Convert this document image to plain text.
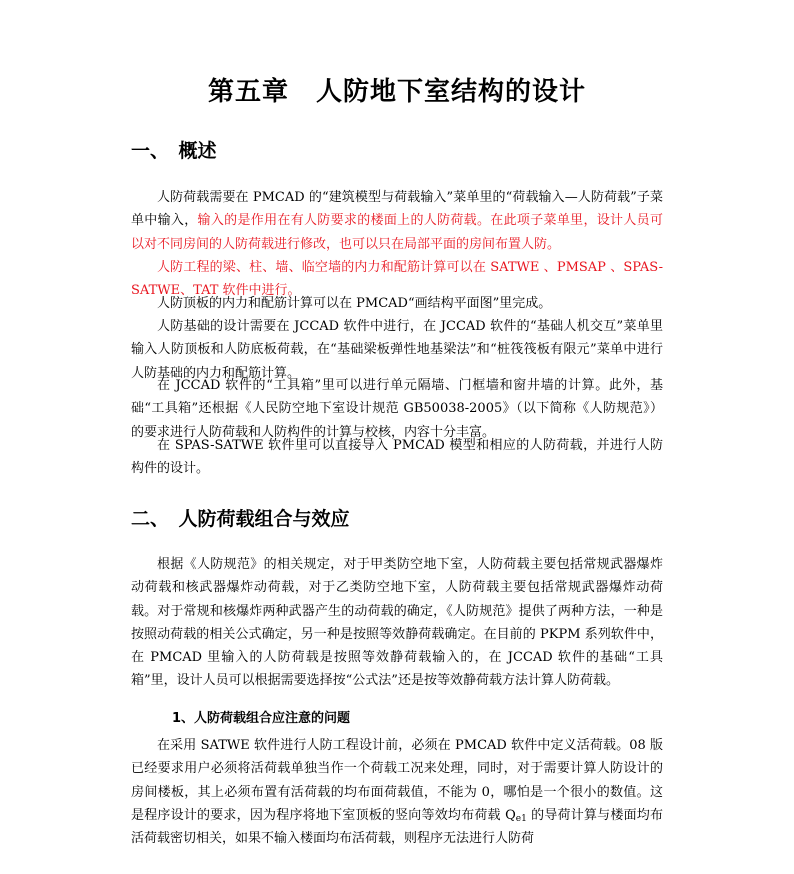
第五章　人防地下室结构的设计
一、　概述

人防荷载需要在 PMCAD 的“建筑模型与荷载输入”菜单里的“荷载输入—人防荷载”子菜单中输入，输入的是作用在有人防要求的楼面上的人防荷载。在此项子菜单里，设计人员可以对不同房间的人防荷载进行修改，也可以只在局部平面的房间布置人防。

人防工程的梁、柱、墙、临空墙的内力和配筋计算可以在 SATWE 、PMSAP 、SPAS-SATWE、TAT 软件中进行。

人防顶板的内力和配筋计算可以在 PMCAD“画结构平面图”里完成。

人防基础的设计需要在 JCCAD 软件中进行，在 JCCAD 软件的“基础人机交互”菜单里输入人防顶板和人防底板荷载，在“基础梁板弹性地基梁法”和“桩筏筏板有限元”菜单中进行人防基础的内力和配筋计算。

在 JCCAD 软件的“工具箱”里可以进行单元隔墙、门框墙和窗井墙的计算。此外，基础“工具箱”还根据《人民防空地下室设计规范 GB50038-2005》（以下简称《人防规范》）的要求进行人防荷载和人防构件的计算与校核，内容十分丰富。

在 SPAS-SATWE 软件里可以直接导入 PMCAD 模型和相应的人防荷载，并进行人防构件的设计。

二、　人防荷载组合与效应

根据《人防规范》的相关规定，对于甲类防空地下室，人防荷载主要包括常规武器爆炸动荷载和核武器爆炸动荷载，对于乙类防空地下室，人防荷载主要包括常规武器爆炸动荷载。对于常规和核爆炸两种武器产生的动荷载的确定，《人防规范》提供了两种方法，一种是按照动荷载的相关公式确定，另一种是按照等效静荷载确定。在目前的 PKPM 系列软件中，在 PMCAD 里输入的人防荷载是按照等效静荷载输入的，在 JCCAD 软件的基础“工具箱”里，设计人员可以根据需要选择按“公式法”还是按等效静荷载方法计算人防荷载。

1、人防荷载组合应注意的问题

在采用 SATWE 软件进行人防工程设计前，必须在 PMCAD 软件中定义活荷载。08 版已经要求用户必须将活荷载单独当作一个荷载工况来处理，同时，对于需要计算人防设计的房间楼板，其上必须布置有活荷载的均布面荷载值，不能为 0，哪怕是一个很小的数值。这是程序设计的要求，因为程序将地下室顶板的竖向等效均布荷载 $Q_{e1}$ 的导荷计算与楼面均布活荷载密切相关，如果不输入楼面均布活荷载，则程序无法进行人防荷
